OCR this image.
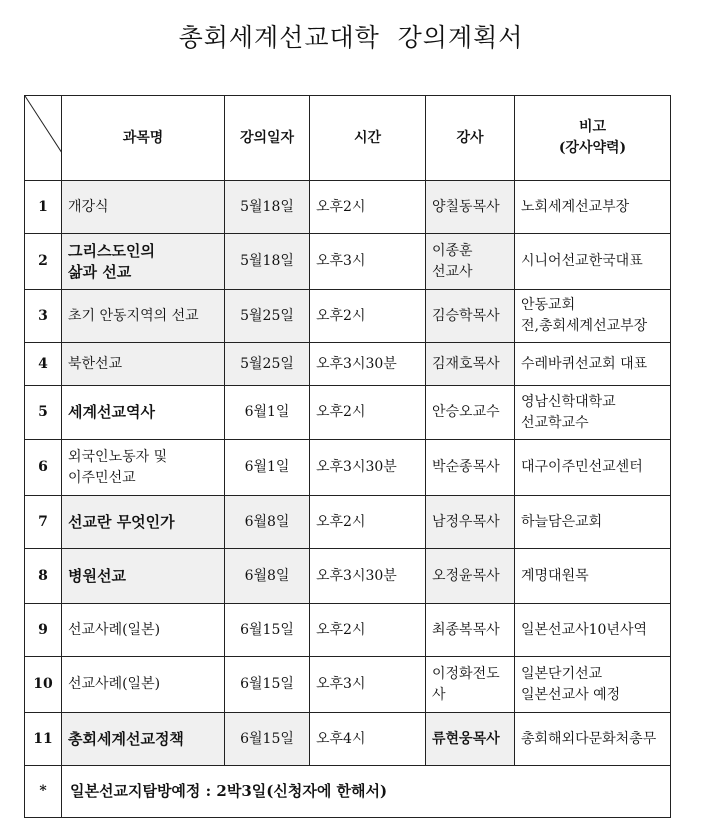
총회세계선교대학  강의계획서

	과목명	강의일자	시간	강사	비고
(강사약력)
1	개강식	5월18일	오후2시	양칠동목사	노회세계선교부장
2	그리스도인의
삶과 선교	5월18일	오후3시	이종훈
선교사	시니어선교한국대표
3	초기 안동지역의 선교	5월25일	오후2시	김승학목사	안동교회
전,총회세계선교부장
4	북한선교	5월25일	오후3시30분	김재호목사	수레바퀴선교회 대표
5	세계선교역사	6월1일	오후2시	안승오교수	영남신학대학교
선교학교수
6	외국인노동자 및
이주민선교	6월1일	오후3시30분	박순종목사	대구이주민선교센터
7	선교란 무엇인가	6월8일	오후2시	남정우목사	하늘담은교회
8	병원선교	6월8일	오후3시30분	오정윤목사	계명대원목
9	선교사례(일본)	6월15일	오후2시	최종복목사	일본선교사10년사역
10	선교사례(일본)	6월15일	오후3시	이정화전도
사	일본단기선교
일본선교사 예정
11	총회세계선교정책	6월15일	오후4시	류현웅목사	총회해외다문화처총무
*	일본선교지탐방예정 : 2박3일(신청자에 한해서)				
